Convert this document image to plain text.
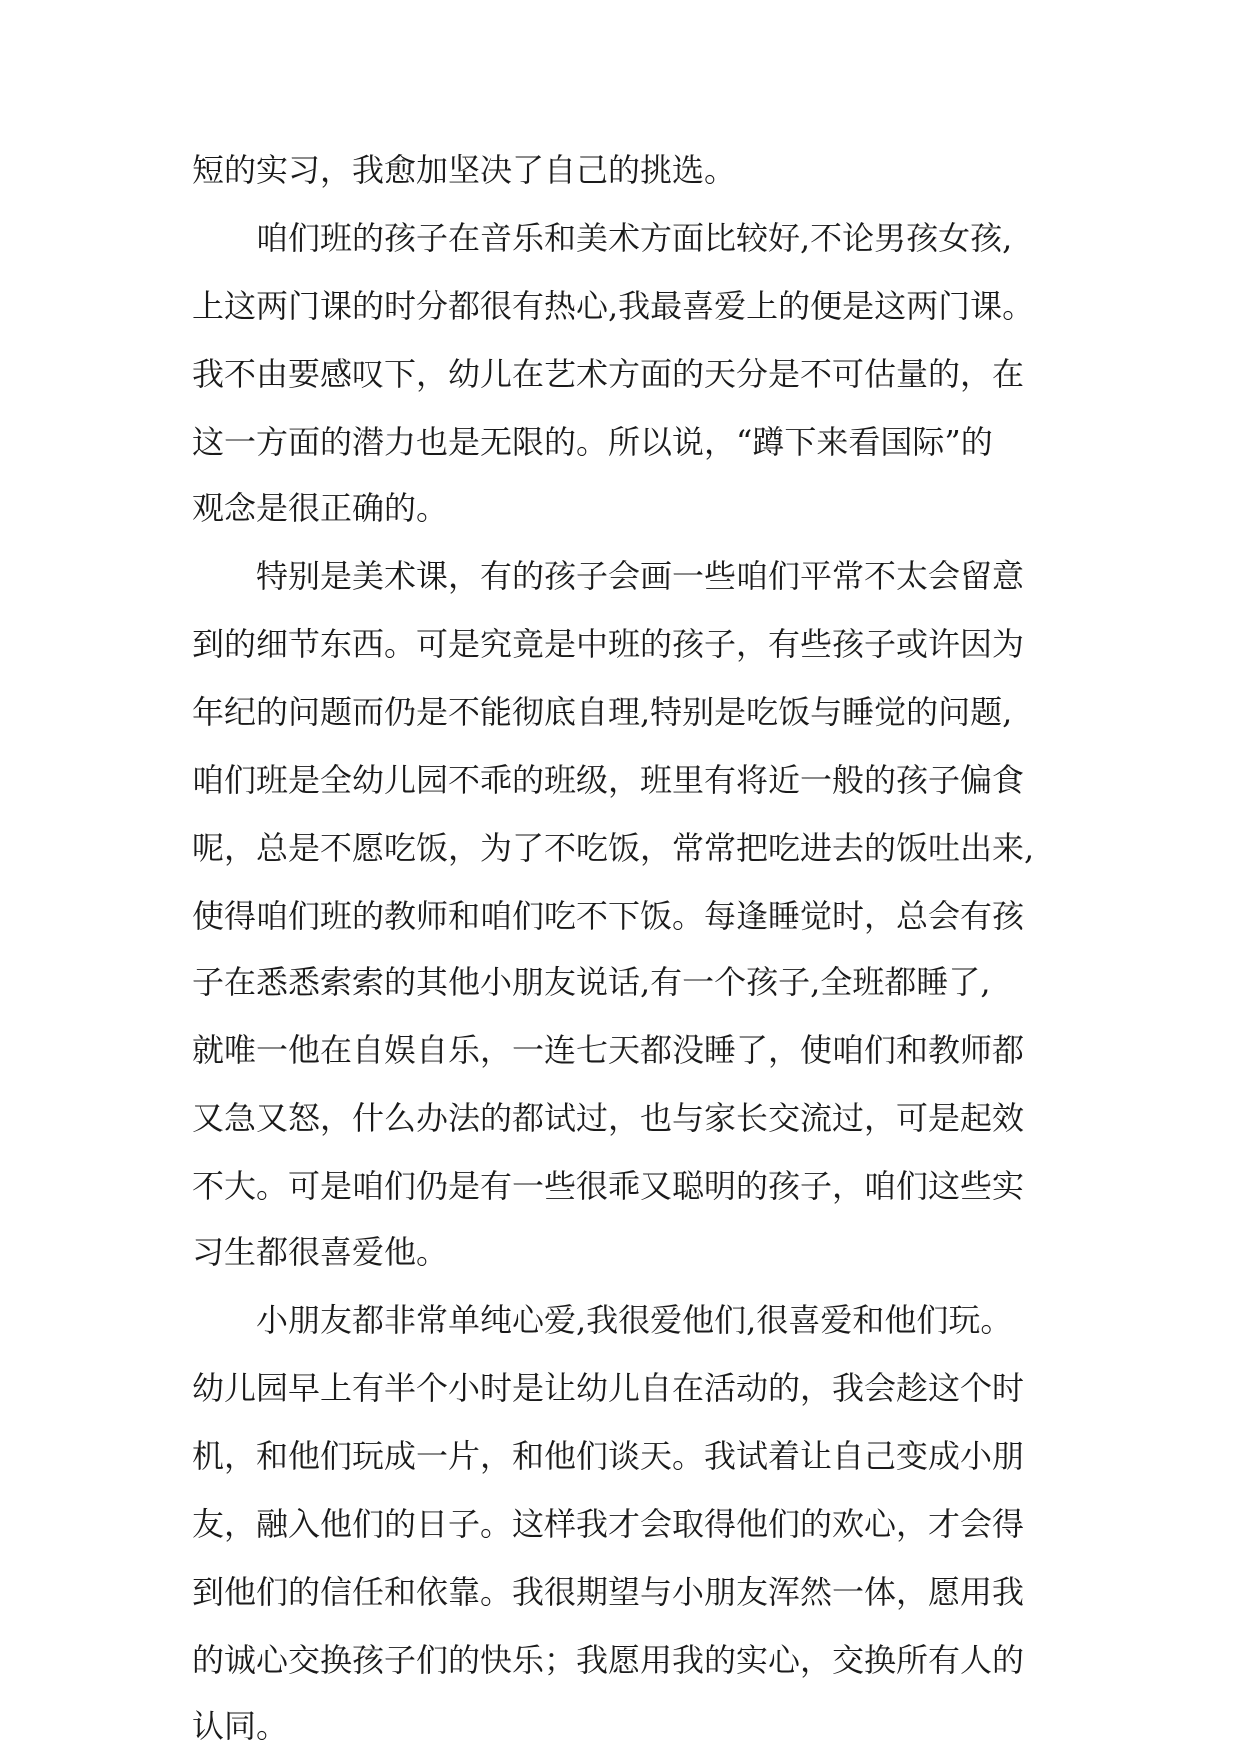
短的实习，我愈加坚决了自己的挑选。

咱们班的孩子在音乐和美术方面比较好,不论男孩女孩,

上这两门课的时分都很有热心,我最喜爱上的便是这两门课。

我不由要感叹下，幼儿在艺术方面的天分是不可估量的，在

这一方面的潜力也是无限的。所以说，“蹲下来看国际”的

观念是很正确的。

特别是美术课，有的孩子会画一些咱们平常不太会留意

到的细节东西。可是究竟是中班的孩子，有些孩子或许因为

年纪的问题而仍是不能彻底自理,特别是吃饭与睡觉的问题,

咱们班是全幼儿园不乖的班级，班里有将近一般的孩子偏食

呢，总是不愿吃饭，为了不吃饭，常常把吃进去的饭吐出来,

使得咱们班的教师和咱们吃不下饭。每逢睡觉时，总会有孩

子在悉悉索索的其他小朋友说话,有一个孩子,全班都睡了,

就唯一他在自娱自乐，一连七天都没睡了，使咱们和教师都

又急又怒，什么办法的都试过，也与家长交流过，可是起效

不大。可是咱们仍是有一些很乖又聪明的孩子，咱们这些实

习生都很喜爱他。

小朋友都非常单纯心爱,我很爱他们,很喜爱和他们玩。

幼儿园早上有半个小时是让幼儿自在活动的，我会趁这个时

机，和他们玩成一片，和他们谈天。我试着让自己变成小朋

友，融入他们的日子。这样我才会取得他们的欢心，才会得

到他们的信任和依靠。我很期望与小朋友浑然一体，愿用我

的诚心交换孩子们的快乐；我愿用我的实心，交换所有人的

认同。
